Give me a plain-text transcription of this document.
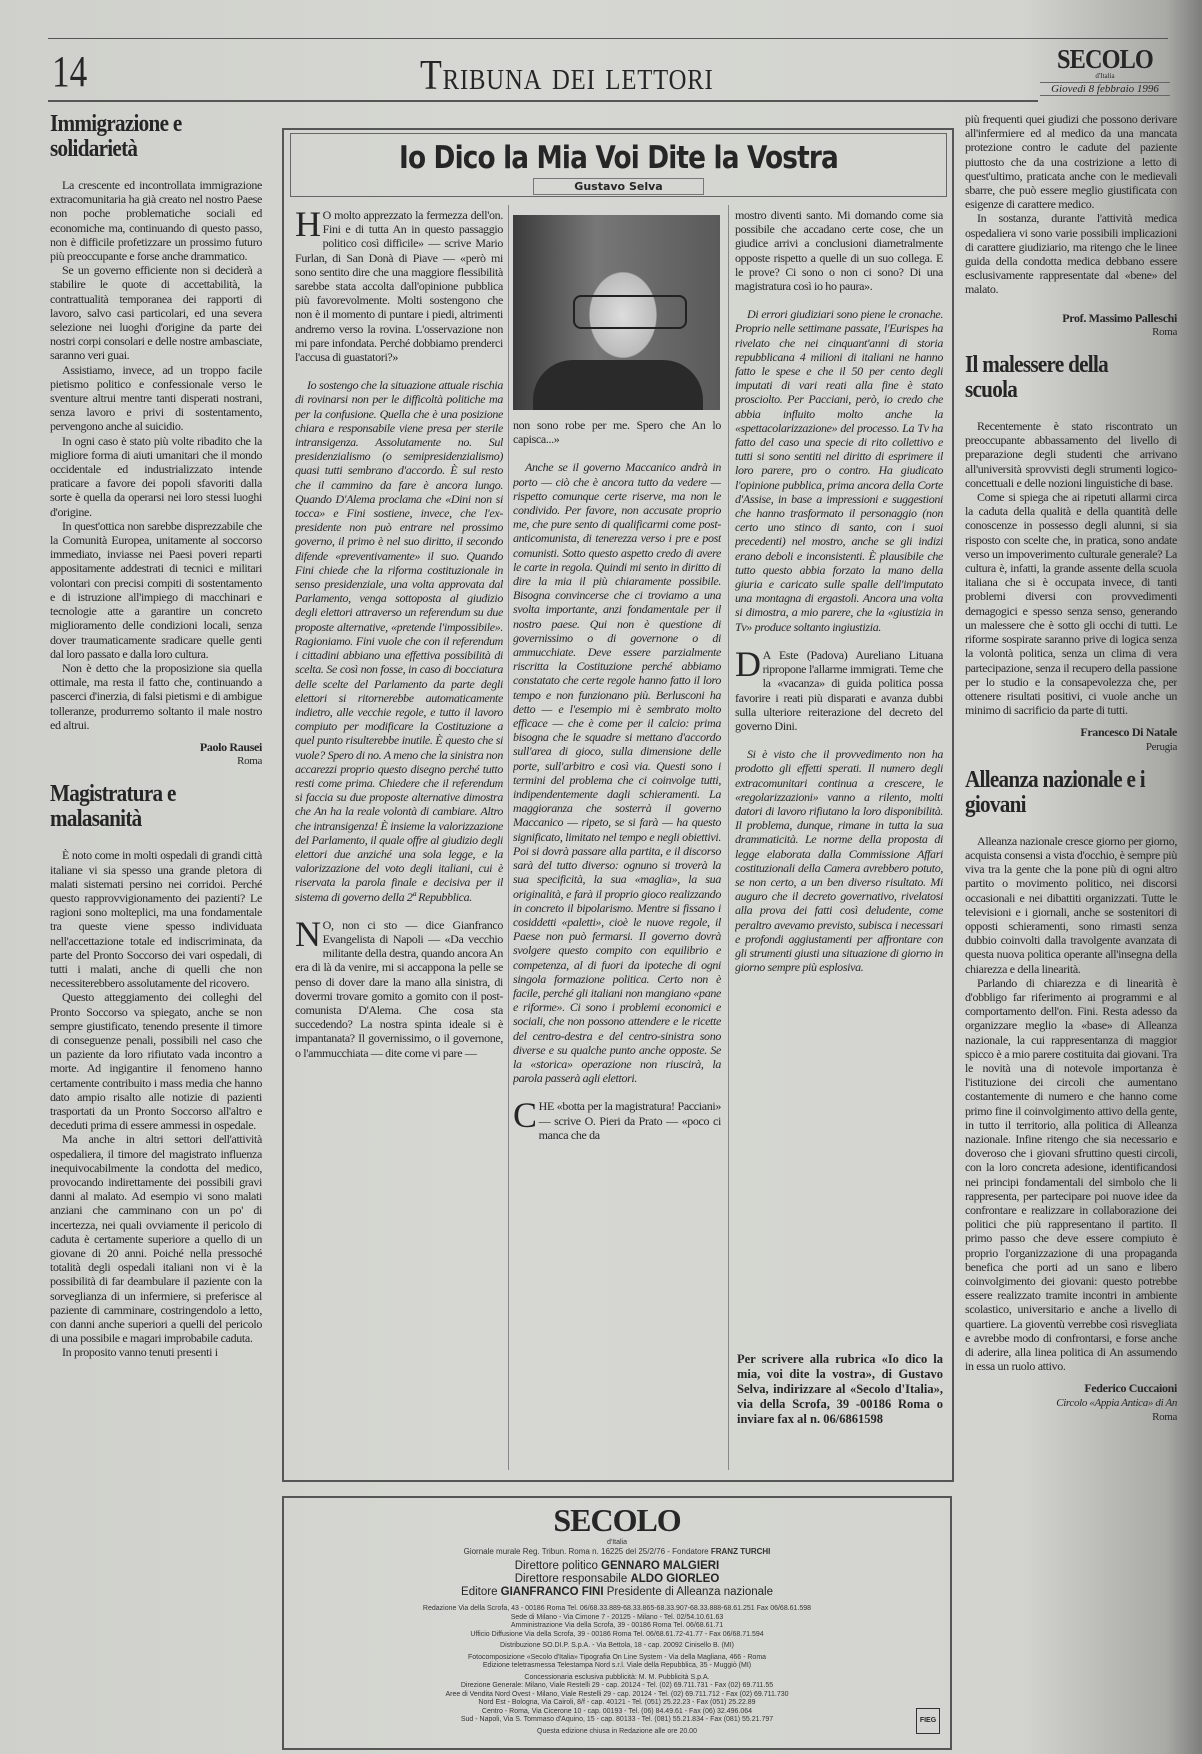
14	Tribuna dei lettori	SECOLO
d'Italia
Giovedì 8 febbraio 1996
Immigrazione e solidarietà

La crescente ed incontrollata immigrazione extracomunitaria ha già creato nel nostro Paese non poche problematiche sociali ed economiche ma, continuando di questo passo, non è difficile profetizzare un prossimo futuro più preoccupante e forse anche drammatico.

Se un governo efficiente non si deciderà a stabilire le quote di accettabilità, la contrattualità temporanea dei rapporti di lavoro, salvo casi particolari, ed una severa selezione nei luoghi d'origine da parte dei nostri corpi consolari e delle nostre ambasciate, saranno veri guai.

Assistiamo, invece, ad un troppo facile pietismo politico e confessionale verso le sventure altrui mentre tanti disperati nostrani, senza lavoro e privi di sostentamento, pervengono anche al suicidio.

In ogni caso è stato più volte ribadito che la migliore forma di aiuti umanitari che il mondo occidentale ed industrializzato intende praticare a favore dei popoli sfavoriti dalla sorte è quella da operarsi nei loro stessi luoghi d'origine.

In quest'ottica non sarebbe disprezzabile che la Comunità Europea, unitamente al soccorso immediato, inviasse nei Paesi poveri reparti appositamente addestrati di tecnici e militari volontari con precisi compiti di sostentamento e di istruzione all'impiego di macchinari e tecnologie atte a garantire un concreto miglioramento delle condizioni locali, senza dover traumaticamente sradicare quelle genti dal loro passato e dalla loro cultura.

Non è detto che la proposizione sia quella ottimale, ma resta il fatto che, continuando a pascerci d'inerzia, di falsi pietismi e di ambigue tolleranze, produrremo soltanto il male nostro ed altrui.

Paolo Rausei
Roma
Magistratura e malasanità

È noto come in molti ospedali di grandi città italiane vi sia spesso una grande pletora di malati sistemati persino nei corridoi. Perché questo rapprovvigionamento dei pazienti? Le ragioni sono molteplici, ma una fondamentale tra queste viene spesso individuata nell'accettazione totale ed indiscriminata, da parte del Pronto Soccorso dei vari ospedali, di tutti i malati, anche di quelli che non necessiterebbero assolutamente del ricovero.

Questo atteggiamento dei colleghi del Pronto Soccorso va spiegato, anche se non sempre giustificato, tenendo presente il timore di conseguenze penali, possibili nel caso che un paziente da loro rifiutato vada incontro a morte. Ad ingigantire il fenomeno hanno certamente contribuito i mass media che hanno dato ampio risalto alle notizie di pazienti trasportati da un Pronto Soccorso all'altro e deceduti prima di essere ammessi in ospedale.

Ma anche in altri settori dell'attività ospedaliera, il timore del magistrato influenza inequivocabilmente la condotta del medico, provocando indirettamente dei possibili gravi danni al malato. Ad esempio vi sono malati anziani che camminano con un po' di incertezza, nei quali ovviamente il pericolo di caduta è certamente superiore a quello di un giovane di 20 anni. Poiché nella pressoché totalità degli ospedali italiani non vi è la possibilità di far deambulare il paziente con la sorveglianza di un infermiere, si preferisce al paziente di camminare, costringendolo a letto, con danni anche superiori a quelli del pericolo di una possibile e magari improbabile caduta.

In proposito vanno tenuti presenti i

Io Dico la Mia Voi Dite la Vostra
Gustavo Selva

H O molto apprezzato la fermezza dell'on. Fini e di tutta An in questo passaggio politico così difficile» — scrive Mario Furlan, di San Donà di Piave — «però mi sono sentito dire che una maggiore flessibilità sarebbe stata accolta dall'opinione pubblica più favorevolmente. Molti sostengono che non è il momento di puntare i piedi, altrimenti andremo verso la rovina. L'osservazione non mi pare infondata. Perché dobbiamo prenderci l'accusa di guastatori?»

Io sostengo che la situazione attuale rischia di rovinarsi non per le difficoltà politiche ma per la confusione. Quella che è una posizione chiara e responsabile viene presa per sterile intransigenza. Assolutamente no. Sul presidenzialismo (o semipresidenzialismo) quasi tutti sembrano d'accordo. È sul resto che il cammino da fare è ancora lungo. Quando D'Alema proclama che «Dini non si tocca» e Fini sostiene, invece, che l'ex-presidente non può entrare nel prossimo governo, il primo è nel suo diritto, il secondo difende «preventivamente» il suo. Quando Fini chiede che la riforma costituzionale in senso presidenziale, una volta approvata dal Parlamento, venga sottoposta al giudizio degli elettori attraverso un referendum su due proposte alternative, «pretende l'impossibile». Ragioniamo. Fini vuole che con il referendum i cittadini abbiano una effettiva possibilità di scelta. Se così non fosse, in caso di bocciatura delle scelte del Parlamento da parte degli elettori si ritornerebbe automaticamente indietro, alle vecchie regole, e tutto il lavoro compiuto per modificare la Costituzione a quel punto risulterebbe inutile. È questo che si vuole? Spero di no. A meno che la sinistra non accarezzi proprio questo disegno perché tutto resti come prima. Chiedere che il referendum si faccia su due proposte alternative dimostra che An ha la reale volontà di cambiare. Altro che intransigenza! È insieme la valorizzazione del Parlamento, il quale offre al giudizio degli elettori due anziché una sola legge, e la valorizzazione del voto degli italiani, cui è riservata la parola finale e decisiva per il sistema di governo della 2ª Repubblica.

N O, non ci sto — dice Gianfranco Evangelista di Napoli — «Da vecchio militante della destra, quando ancora An era di là da venire, mi si accappona la pelle se penso di dover dare la mano alla sinistra, di dovermi trovare gomito a gomito con il post-comunista D'Alema. Che cosa sta succedendo? La nostra spinta ideale si è impantanata? Il governissimo, o il governone, o l'ammucchiata — dite come vi pare —

non sono robe per me. Spero che An lo capisca...»

Anche se il governo Maccanico andrà in porto — ciò che è ancora tutto da vedere — rispetto comunque certe riserve, ma non le condivido. Per favore, non accusate proprio me, che pure sento di qualificarmi come post-anticomunista, di tenerezza verso i pre e post comunisti. Sotto questo aspetto credo di avere le carte in regola. Quindi mi sento in diritto di dire la mia il più chiaramente possibile. Bisogna convincerse che ci troviamo a una svolta importante, anzi fondamentale per il nostro paese. Qui non è questione di governissimo o di governone o di ammucchiate. Deve essere parzialmente riscritta la Costituzione perché abbiamo constatato che certe regole hanno fatto il loro tempo e non funzionano più. Berlusconi ha detto — e l'esempio mi è sembrato molto efficace — che è come per il calcio: prima bisogna che le squadre si mettano d'accordo sull'area di gioco, sulla dimensione delle porte, sull'arbitro e così via. Questi sono i termini del problema che ci coinvolge tutti, indipendentemente dagli schieramenti. La maggioranza che sosterrà il governo Maccanico — ripeto, se si farà — ha questo significato, limitato nel tempo e negli obiettivi. Poi si dovrà passare alla partita, e il discorso sarà del tutto diverso: ognuno si troverà la sua specificità, la sua «maglia», la sua originalità, e farà il proprio gioco realizzando in concreto il bipolarismo. Mentre si fissano i cosiddetti «paletti», cioè le nuove regole, il Paese non può fermarsi. Il governo dovrà svolgere questo compito con equilibrio e competenza, al di fuori da ipoteche di ogni singola formazione politica. Certo non è facile, perché gli italiani non mangiano «pane e riforme». Ci sono i problemi economici e sociali, che non possono attendere e le ricette del centro-destra e del centro-sinistra sono diverse e su qualche punto anche opposte. Se la «storica» operazione non riuscirà, la parola passerà agli elettori.

CHE «botta per la magistratura! Pacciani» — scrive O. Pieri da Prato — «poco ci manca che da

mostro diventi santo. Mi domando come sia possibile che accadano certe cose, che un giudice arrivi a conclusioni diametralmente opposte rispetto a quelle di un suo collega. E le prove? Ci sono o non ci sono? Di una magistratura così io ho paura».

Di errori giudiziari sono piene le cronache. Proprio nelle settimane passate, l'Eurispes ha rivelato che nei cinquant'anni di storia repubblicana 4 milioni di italiani ne hanno fatto le spese e che il 50 per cento degli imputati di vari reati alla fine è stato prosciolto. Per Pacciani, però, io credo che abbia influito molto anche la «spettacolarizzazione» del processo. La Tv ha fatto del caso una specie di rito collettivo e tutti si sono sentiti nel diritto di esprimere il loro parere, pro o contro. Ha giudicato l'opinione pubblica, prima ancora della Corte d'Assise, in base a impressioni e suggestioni che hanno trasformato il personaggio (non certo uno stinco di santo, con i suoi precedenti) nel mostro, anche se gli indizi erano deboli e inconsistenti. È plausibile che tutto questo abbia forzato la mano della giuria e caricato sulle spalle dell'imputato una montagna di ergastoli. Ancora una volta si dimostra, a mio parere, che la «giustizia in Tv» produce soltanto ingiustizia.

D A Este (Padova) Aureliano Lituana ripropone l'allarme immigrati. Teme che la «vacanza» di guida politica possa favorire i reati più disparati e avanza dubbi sulla ulteriore reiterazione del decreto del governo Dini.

Si è visto che il provvedimento non ha prodotto gli effetti sperati. Il numero degli extracomunitari continua a crescere, le «regolarizzazioni» vanno a rilento, molti datori di lavoro rifiutano la loro disponibilità. Il problema, dunque, rimane in tutta la sua drammaticità. Le norme della proposta di legge elaborata dalla Commissione Affari costituzionali della Camera avrebbero potuto, se non certo, a un ben diverso risultato. Mi auguro che il decreto governativo, rivelatosi alla prova dei fatti così deludente, come peraltro avevamo previsto, subisca i necessari e profondi aggiustamenti per affrontare con gli strumenti giusti una situazione di giorno in giorno sempre più esplosiva.

Per scrivere alla rubrica «Io dico la mia, voi dite la vostra», di Gustavo Selva, indirizzare al «Secolo d'Italia», via della Scrofa, 39 -00186 Roma o inviare fax al n. 06/6861598
SECOLO
d'Italia
Giornale murale Reg. Tribun. Roma n. 16225 del 25/2/76 - Fondatore FRANZ TURCHI
Direttore politico GENNARO MALGIERI
Direttore responsabile ALDO GIORLEO
Editore GIANFRANCO FINI Presidente di Alleanza nazionale
Redazione Via della Scrofa, 43 - 00186 Roma Tel. 06/68.33.889-68.33.865-68.33.907-68.33.888-68.61.251 Fax 06/68.61.598
Sede di Milano - Via Cimone 7 - 20125 - Milano - Tel. 02/54.10.61.63
Amministrazione Via della Scrofa, 39 - 00186 Roma Tel. 06/68.61.71
Ufficio Diffusione Via della Scrofa, 39 - 00186 Roma Tel. 06/68.61.72-41.77 - Fax 06/68.71.594
Distribuzione SO.DI.P. S.p.A. - Via Bettola, 18 - cap. 20092 Cinisello B. (MI)
Fotocomposizione «Secolo d'Italia» Tipografia On Line System - Via della Magliana, 466 - Roma
Edizione teletrasmessa Telestampa Nord s.r.l. Viale della Repubblica, 35 - Muggiò (MI)
Concessionaria esclusiva pubblicità: M. M. Pubblicità S.p.A.
Direzione Generale: Milano, Viale Restelli 29 - cap. 20124 - Tel. (02) 69.711.731 - Fax (02) 69.711.55
Aree di Vendita Nord Ovest - Milano, Viale Restelli 29 - cap. 20124 - Tel. (02) 69.711.712 - Fax (02) 69.711.730
Nord Est - Bologna, Via Cairoli, 8/f - cap. 40121 - Tel. (051) 25.22.23 - Fax (051) 25.22.89
Centro - Roma, Via Cicerone 10 - cap. 00193 - Tel. (06) 84.49.61 - Fax (06) 32.496.064
Sud - Napoli, Via S. Tommaso d'Aquino, 15 - cap. 80133 - Tel. (081) 55.21.834 - Fax (081) 55.21.797
Questa edizione chiusa in Redazione alle ore 20.00
FIEG

più frequenti quei giudizi che possono derivare all'infermiere ed al medico da una mancata protezione contro le cadute del paziente piuttosto che da una costrizione a letto di quest'ultimo, praticata anche con le medievali sbarre, che può essere meglio giustificata con esigenze di carattere medico.

In sostanza, durante l'attività medica ospedaliera vi sono varie possibili implicazioni di carattere giudiziario, ma ritengo che le linee guida della condotta medica debbano essere esclusivamente rappresentate dal «bene» del malato.

Prof. Massimo Palleschi
Roma
Il malessere della scuola

Recentemente è stato riscontrato un preoccupante abbassamento del livello di preparazione degli studenti che arrivano all'università sprovvisti degli strumenti logico-concettuali e delle nozioni linguistiche di base.

Come si spiega che ai ripetuti allarmi circa la caduta della qualità e della quantità delle conoscenze in possesso degli alunni, si sia risposto con scelte che, in pratica, sono andate verso un impoverimento culturale generale? La cultura è, infatti, la grande assente della scuola italiana che si è occupata invece, di tanti problemi diversi con provvedimenti demagogici e spesso senza senso, generando un malessere che è sotto gli occhi di tutti. Le riforme sospirate saranno prive di logica senza la volontà politica, senza un clima di vera partecipazione, senza il recupero della passione per lo studio e la consapevolezza che, per ottenere risultati positivi, ci vuole anche un minimo di sacrificio da parte di tutti.

Francesco Di Natale
Perugia
Alleanza nazionale e i giovani

Alleanza nazionale cresce giorno per giorno, acquista consensi a vista d'occhio, è sempre più viva tra la gente che la pone più di ogni altro partito o movimento politico, nei discorsi occasionali e nei dibattiti organizzati. Tutte le televisioni e i giornali, anche se sostenitori di opposti schieramenti, sono rimasti senza dubbio coinvolti dalla travolgente avanzata di questa nuova politica operante all'insegna della chiarezza e della linearità.

Parlando di chiarezza e di linearità è d'obbligo far riferimento ai programmi e al comportamento dell'on. Fini. Resta adesso da organizzare meglio la «base» di Alleanza nazionale, la cui rappresentanza di maggior spicco è a mio parere costituita dai giovani. Tra le novità una di notevole importanza è l'istituzione dei circoli che aumentano costantemente di numero e che hanno come primo fine il coinvolgimento attivo della gente, in tutto il territorio, alla politica di Alleanza nazionale. Infine ritengo che sia necessario e doveroso che i giovani sfruttino questi circoli, con la loro concreta adesione, identificandosi nei principi fondamentali del simbolo che li rappresenta, per partecipare poi nuove idee da confrontare e realizzare in collaborazione dei politici che più rappresentano il partito. Il primo passo che deve essere compiuto è proprio l'organizzazione di una propaganda benefica che porti ad un sano e libero coinvolgimento dei giovani: questo potrebbe essere realizzato tramite incontri in ambiente scolastico, universitario e anche a livello di quartiere. La gioventù verrebbe così risvegliata e avrebbe modo di confrontarsi, e forse anche di aderire, alla linea politica di An assumendo in essa un ruolo attivo.

Federico Cuccaioni
Circolo «Appia Antica» di An
Roma
